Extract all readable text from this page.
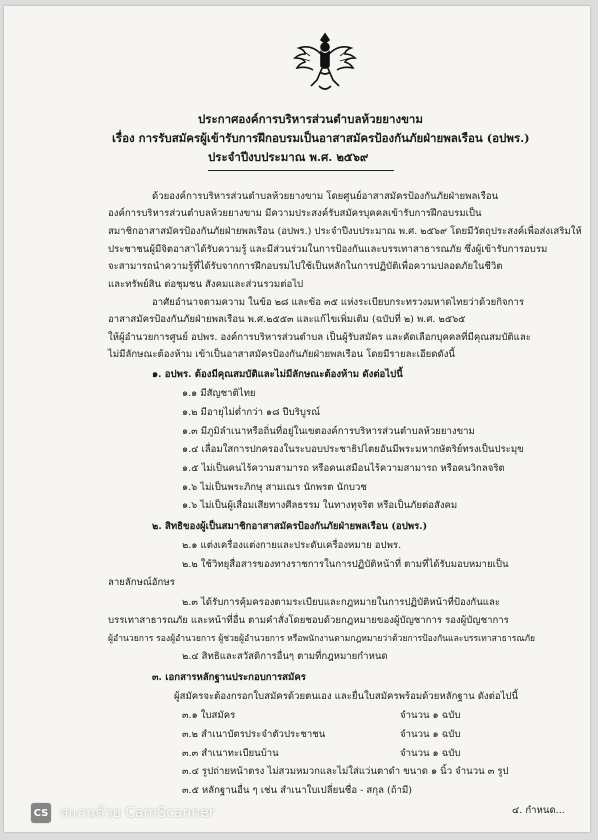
ประกาศองค์การบริหารส่วนตำบลห้วยยางขาม
เรื่อง การรับสมัครผู้เข้ารับการฝึกอบรมเป็นอาสาสมัครป้องกันภัยฝ่ายพลเรือน (อปพร.)
ประจำปีงบประมาณ พ.ศ. ๒๕๖๙
ด้วยองค์การบริหารส่วนตำบลห้วยยางขาม โดยศูนย์อาสาสมัครป้องกันภัยฝ่ายพลเรือน
องค์การบริหารส่วนตำบลห้วยยางขาม มีความประสงค์รับสมัครบุคคลเข้ารับการฝึกอบรมเป็น
สมาชิกอาสาสมัครป้องกันภัยฝ่ายพลเรือน (อปพร.) ประจำปีงบประมาณ พ.ศ. ๒๕๖๙ โดยมีวัตถุประสงค์เพื่อส่งเสริมให้
ประชาชนผู้มีจิตอาสาได้รับความรู้ และมีส่วนร่วมในการป้องกันและบรรเทาสาธารณภัย ซึ่งผู้เข้ารับการอบรม
จะสามารถนำความรู้ที่ได้รับจากการฝึกอบรมไปใช้เป็นหลักในการปฏิบัติเพื่อความปลอดภัยในชีวิต
และทรัพย์สิน ต่อชุมชน สังคมและส่วนรวมต่อไป
อาศัยอำนาจตามความ ในข้อ ๒๘ และข้อ ๓๕ แห่งระเบียบกระทรวงมหาดไทยว่าด้วยกิจการ
อาสาสมัครป้องกันภัยฝ่ายพลเรือน พ.ศ.๒๕๕๓ และแก้ไขเพิ่มเติม (ฉบับที่ ๒) พ.ศ. ๒๕๖๕
ให้ผู้อำนวยการศูนย์ อปพร. องค์การบริหารส่วนตำบล เป็นผู้รับสมัคร และคัดเลือกบุคคลที่มีคุณสมบัติและ
ไม่มีลักษณะต้องห้าม เข้าเป็นอาสาสมัครป้องกันภัยฝ่ายพลเรือน โดยมีรายละเอียดดังนี้
๑. อปพร. ต้องมีคุณสมบัติและไม่มีลักษณะต้องห้าม ดังต่อไปนี้
๑.๑ มีสัญชาติไทย
๑.๒ มีอายุไม่ต่ำกว่า ๑๘ ปีบริบูรณ์
๑.๓ มีภูมิลำเนาหรือถิ่นที่อยู่ในเขตองค์การบริหารส่วนตำบลห้วยยางขาม
๑.๔ เลื่อมใสการปกครองในระบอบประชาธิปไตยอันมีพระมหากษัตริย์ทรงเป็นประมุข
๑.๕ ไม่เป็นคนไร้ความสามารถ หรือคนเสมือนไร้ความสามารถ หรือคนวิกลจริต
๑.๖ ไม่เป็นพระภิกษุ สามเณร นักพรต นักบวช
๑.๖ ไม่เป็นผู้เสื่อมเสียทางศีลธรรม ในทางทุจริต หรือเป็นภัยต่อสังคม
๒. สิทธิของผู้เป็นสมาชิกอาสาสมัครป้องกันภัยฝ่ายพลเรือน (อปพร.)
๒.๑ แต่งเครื่องแต่งกายและประดับเครื่องหมาย อปพร.
๒.๒ ใช้วิทยุสื่อสารของทางราชการในการปฏิบัติหน้าที่ ตามที่ได้รับมอบหมายเป็น
ลายลักษณ์อักษร
๒.๓ ได้รับการคุ้มครองตามระเบียบและกฎหมายในการปฏิบัติหน้าที่ป้องกันและ
บรรเทาสาธารณภัย และหน้าที่อื่น ตามคำสั่งโดยชอบด้วยกฎหมายของผู้บัญชาการ รองผู้บัญชาการ
ผู้อำนวยการ รองผู้อำนวยการ ผู้ช่วยผู้อำนวยการ หรือพนักงานตามกฎหมายว่าด้วยการป้องกันและบรรเทาสาธารณภัย
๒.๔ สิทธิและสวัสดิการอื่นๆ ตามที่กฎหมายกำหนด
๓. เอกสารหลักฐานประกอบการสมัคร
ผู้สมัครจะต้องกรอกใบสมัครด้วยตนเอง และยื่นใบสมัครพร้อมด้วยหลักฐาน ดังต่อไปนี้
๓.๑ ใบสมัคร	จำนวน ๑ ฉบับ
๓.๒ สำเนาบัตรประจำตัวประชาชน	จำนวน ๑ ฉบับ
๓.๓ สำเนาทะเบียนบ้าน	จำนวน ๑ ฉบับ
๓.๔ รูปถ่ายหน้าตรง ไม่สวมหมวกและไม่ใส่แว่นตาดำ ขนาด ๑ นิ้ว จำนวน ๓ รูป
๓.๕ หลักฐานอื่น ๆ เช่น สำเนาใบเปลี่ยนชื่อ - สกุล (ถ้ามี)
๔. กำหนด...
CS สแกนด้วย CamScanner
